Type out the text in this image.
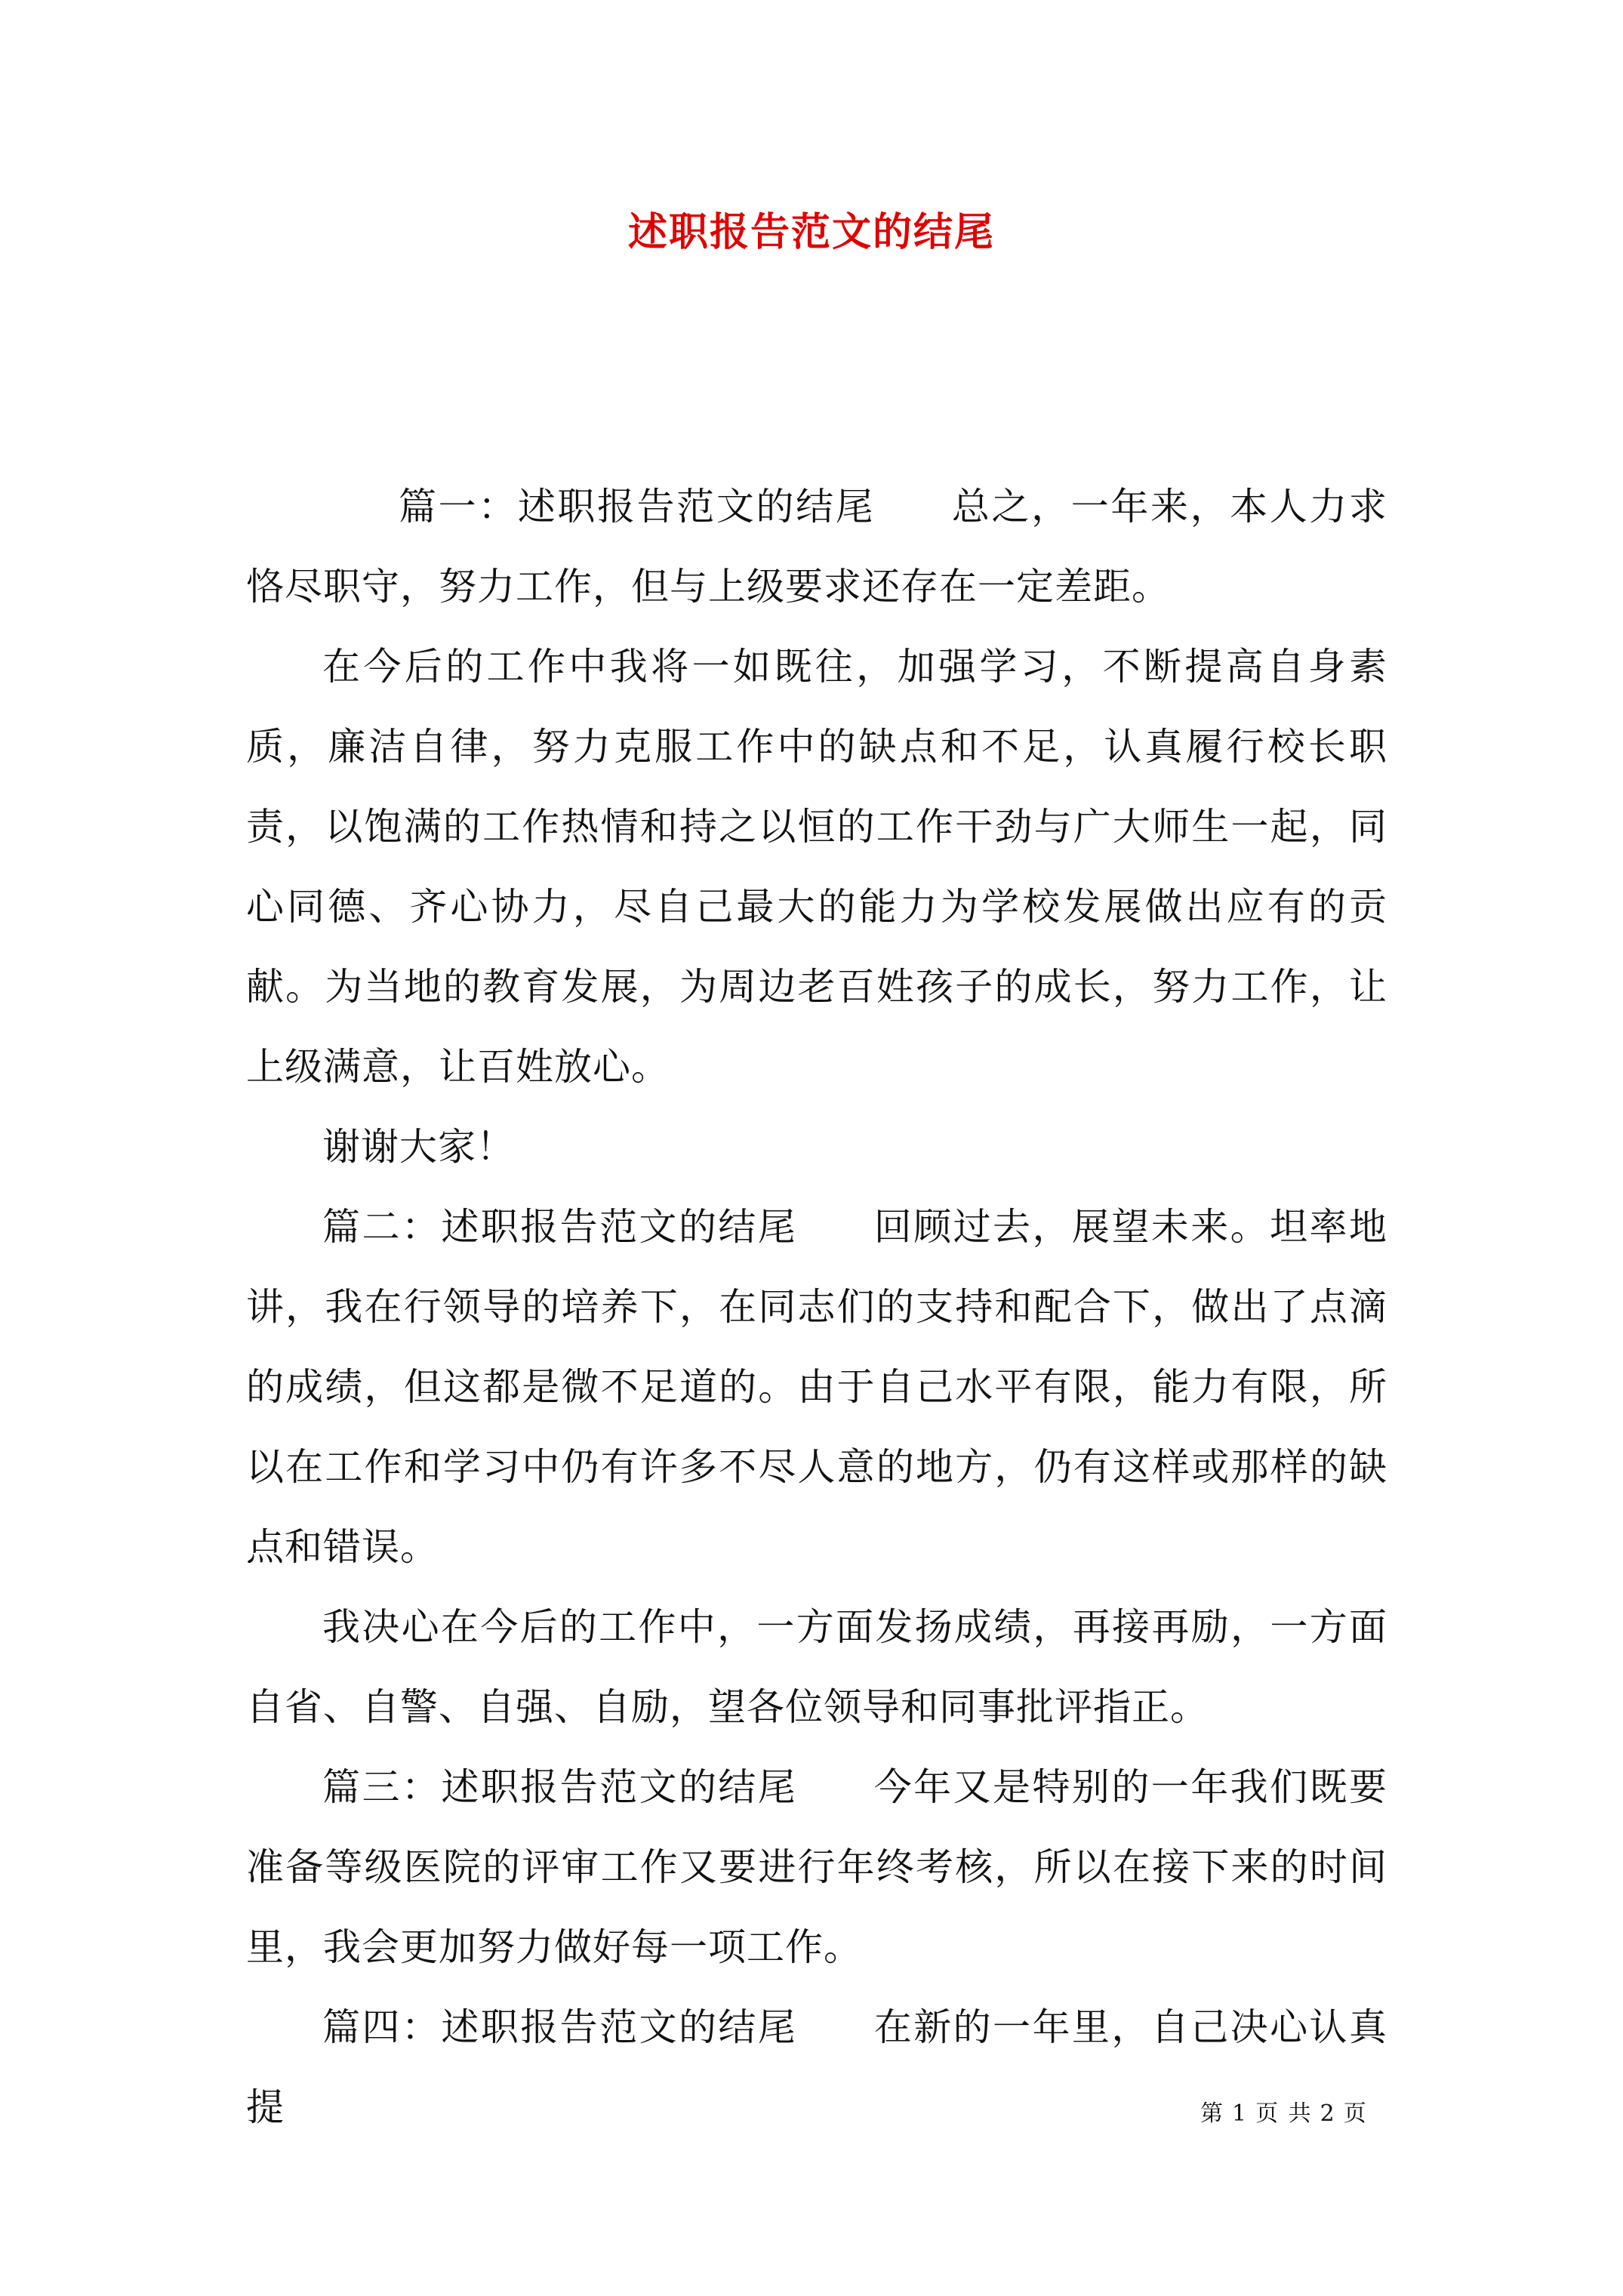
述职报告范文的结尾

篇一：述职报告范文的结尾 总之，一年来，本人力求恪尽职守，努力工作，但与上级要求还存在一定差距。

在今后的工作中我将一如既往，加强学习，不断提高自身素质，廉洁自律，努力克服工作中的缺点和不足，认真履行校长职责，以饱满的工作热情和持之以恒的工作干劲与广大师生一起，同心同德、齐心协力，尽自己最大的能力为学校发展做出应有的贡献。为当地的教育发展，为周边老百姓孩子的成长，努力工作，让上级满意，让百姓放心。

谢谢大家！

篇二：述职报告范文的结尾 回顾过去，展望未来。坦率地讲，我在行领导的培养下，在同志们的支持和配合下，做出了点滴的成绩，但这都是微不足道的。由于自己水平有限，能力有限，所以在工作和学习中仍有许多不尽人意的地方，仍有这样或那样的缺点和错误。

我决心在今后的工作中，一方面发扬成绩，再接再励，一方面自省、自警、自强、自励，望各位领导和同事批评指正。

篇三：述职报告范文的结尾 今年又是特别的一年我们既要准备等级医院的评审工作又要进行年终考核，所以在接下来的时间里，我会更加努力做好每一项工作。

篇四：述职报告范文的结尾 在新的一年里，自己决心认真提	第 1 页 共 2 页
